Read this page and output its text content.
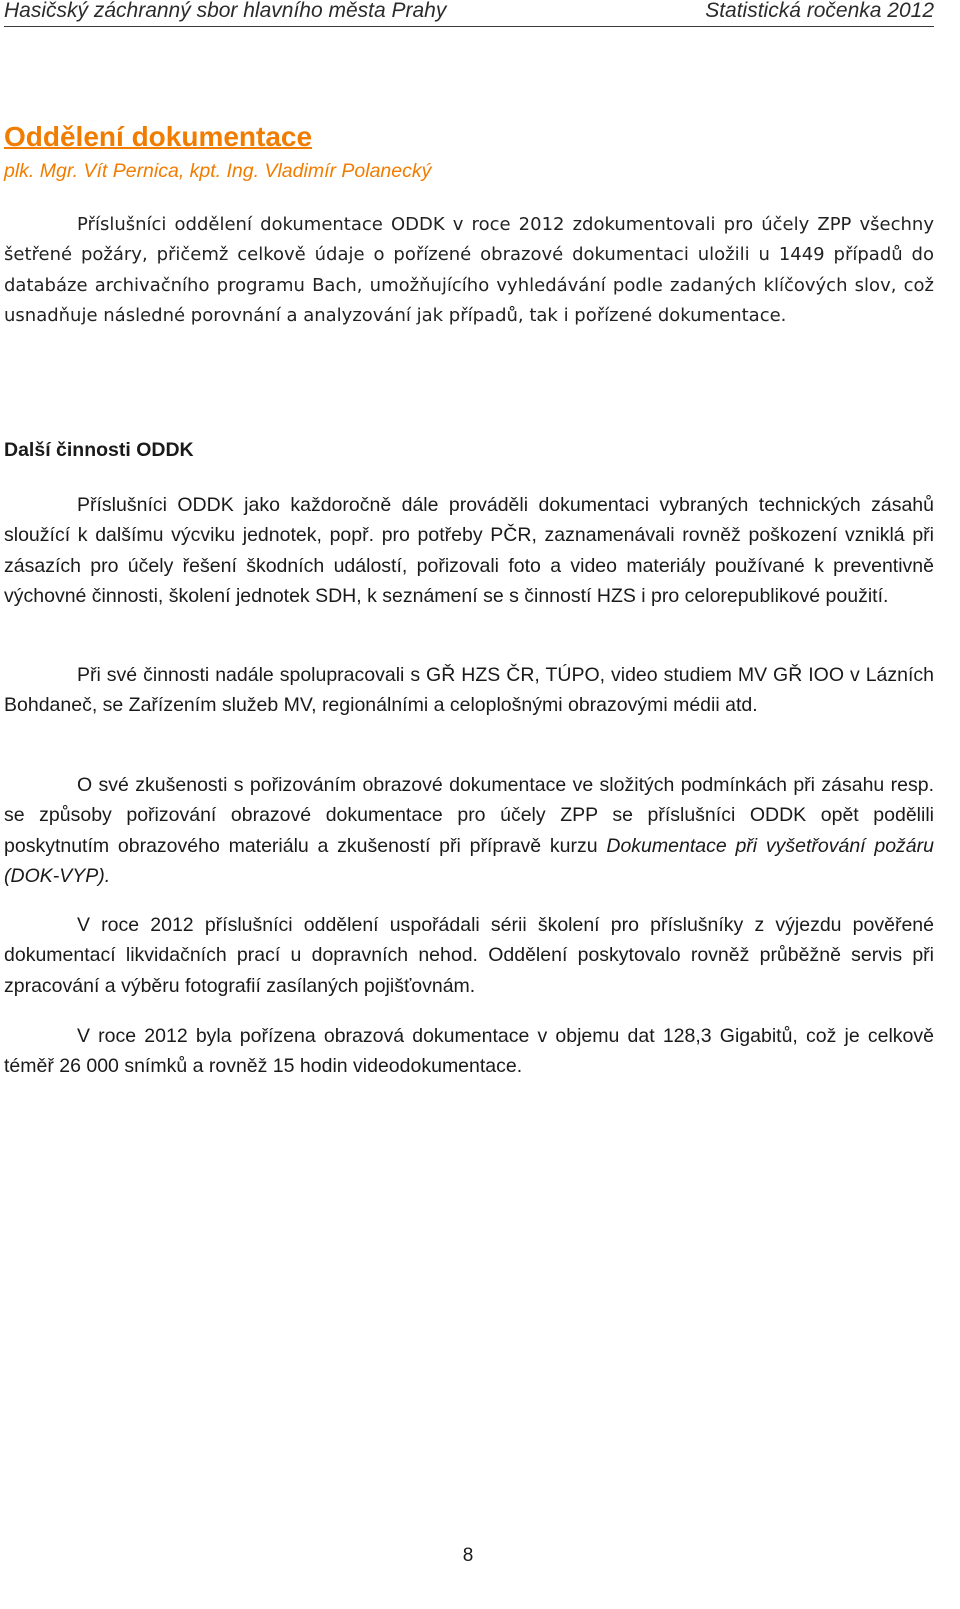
Hasičský záchranný sbor hlavního města Prahy	Statistická ročenka 2012
Oddělení dokumentace
plk. Mgr. Vít Pernica, kpt. Ing. Vladimír Polanecký

Příslušníci oddělení dokumentace ODDK v roce 2012 zdokumentovali pro účely ZPP všechny šetřené požáry, přičemž celkově údaje o pořízené obrazové dokumentaci uložili u 1449 případů do databáze archivačního programu Bach, umožňujícího vyhledávání podle zadaných klíčových slov, což usnadňuje následné porovnání a analyzování jak případů, tak i pořízené dokumentace.

Další činnosti ODDK

Příslušníci ODDK jako každoročně dále prováděli dokumentaci vybraných technických zásahů sloužící k dalšímu výcviku jednotek, popř. pro potřeby PČR, zaznamenávali rovněž poškození vzniklá při zásazích pro účely řešení škodních událostí, pořizovali foto a video materiály používané k preventivně výchovné činnosti, školení jednotek SDH, k seznámení se s činností HZS i pro celorepublikové použití.

Při své činnosti nadále spolupracovali s GŘ HZS ČR, TÚPO, video studiem MV GŘ IOO v Lázních Bohdaneč, se Zařízením služeb MV, regionálními a celoplošnými obrazovými médii atd.

O své zkušenosti s pořizováním obrazové dokumentace ve složitých podmínkách při zásahu resp. se způsoby pořizování obrazové dokumentace pro účely ZPP se příslušníci ODDK opět podělili poskytnutím obrazového materiálu a zkušeností při přípravě kurzu Dokumentace při vyšetřování požáru (DOK-VYP).

V roce 2012 příslušníci oddělení uspořádali sérii školení pro příslušníky z výjezdu pověřené dokumentací likvidačních prací u dopravních nehod. Oddělení poskytovalo rovněž průběžně servis při zpracování a výběru fotografií zasílaných pojišťovnám.

V roce 2012 byla pořízena obrazová dokumentace v objemu dat 128,3 Gigabitů, což je celkově téměř 26 000 snímků a rovněž 15 hodin videodokumentace.

8
